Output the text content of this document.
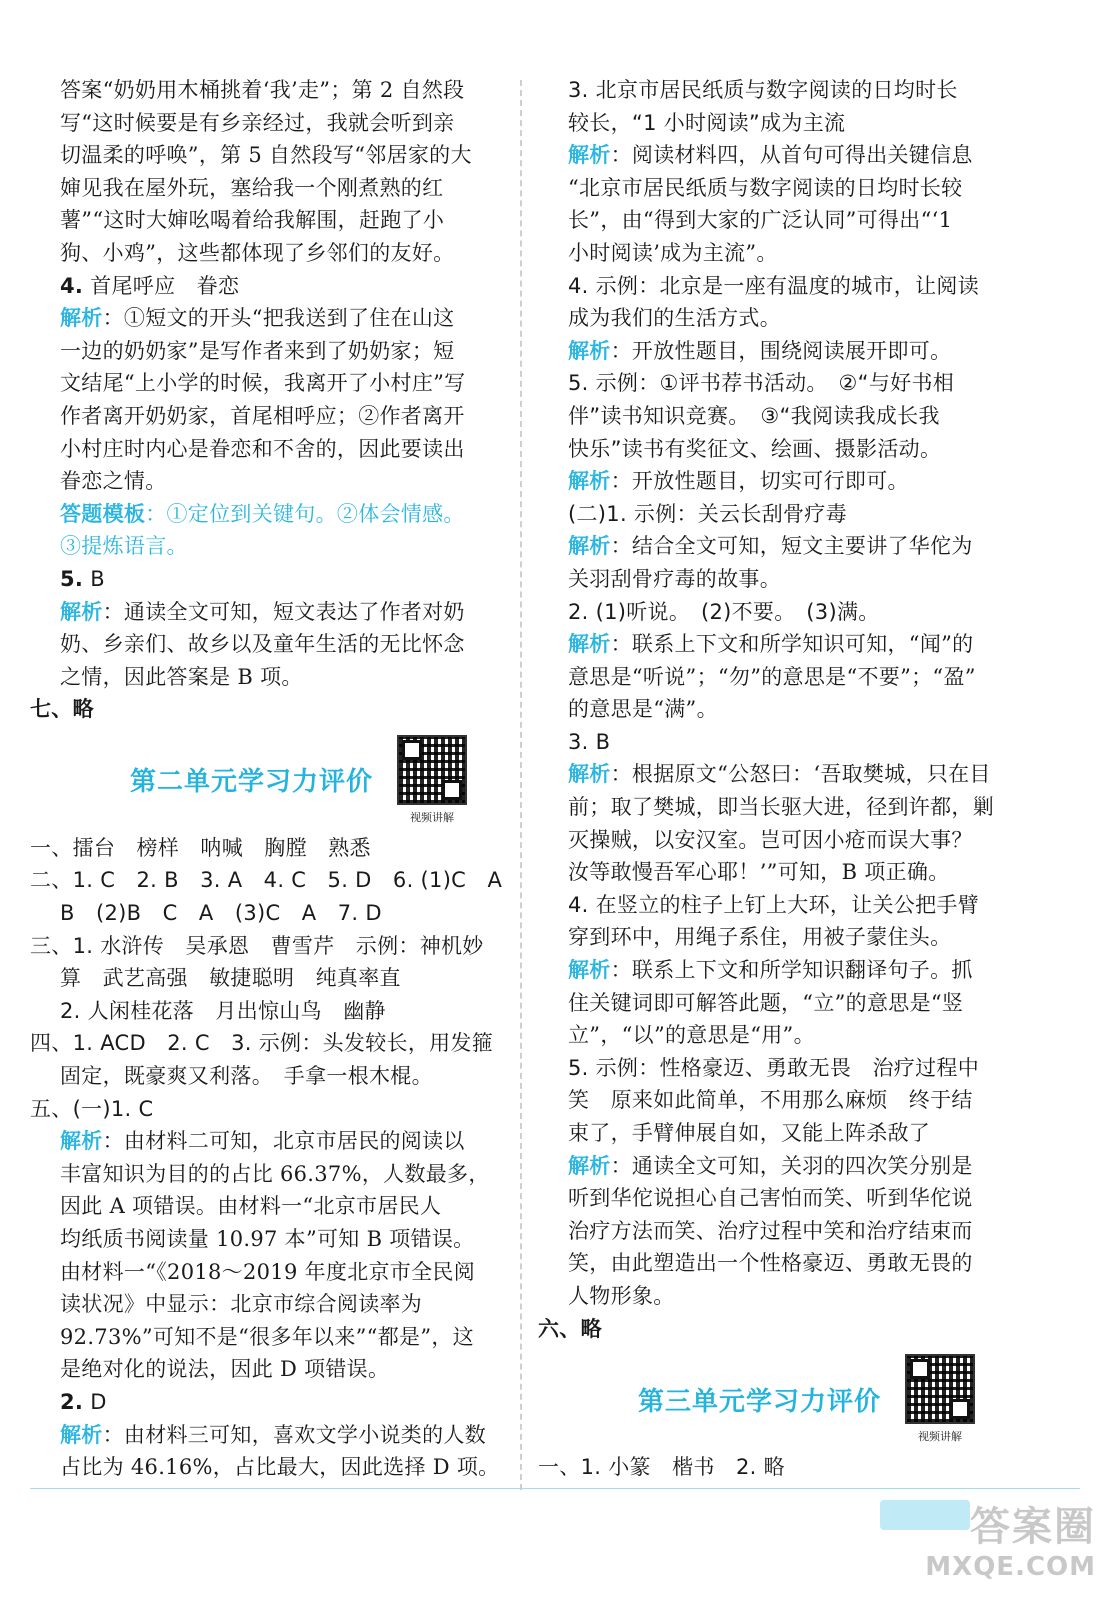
答案“奶奶用木桶挑着‘我’走”；第 2 自然段
写“这时候要是有乡亲经过，我就会听到亲
切温柔的呼唤”，第 5 自然段写“邻居家的大
婶见我在屋外玩，塞给我一个刚煮熟的红
薯”“这时大婶吆喝着给我解围，赶跑了小
狗、小鸡”，这些都体现了乡邻们的友好。
4. 首尾呼应　眷恋
解析：①短文的开头“把我送到了住在山这
一边的奶奶家”是写作者来到了奶奶家；短
文结尾“上小学的时候，我离开了小村庄”写
作者离开奶奶家，首尾相呼应；②作者离开
小村庄时内心是眷恋和不舍的，因此要读出
眷恋之情。
答题模板：①定位到关键句。②体会情感。
③提炼语言。
5. B
解析：通读全文可知，短文表达了作者对奶
奶、乡亲们、故乡以及童年生活的无比怀念
之情，因此答案是 B 项。
七、略
第二单元学习力评价
视频讲解
一、擂台　榜样　呐喊　胸膛　熟悉
二、1. C　2. B　3. A　4. C　5. D　6. (1)C　A
B　(2)B　C　A　(3)C　A　7. D
三、1. 水浒传　吴承恩　曹雪芹　示例：神机妙
算　武艺高强　敏捷聪明　纯真率直
2. 人闲桂花落　月出惊山鸟　幽静
四、1. ACD　2. C　3. 示例：头发较长，用发箍
固定，既豪爽又利落。　手拿一根木棍。
五、(一)1. C
解析：由材料二可知，北京市居民的阅读以
丰富知识为目的的占比 66.37%，人数最多，
因此 A 项错误。由材料一“北京市居民人
均纸质书阅读量 10.97 本”可知 B 项错误。
由材料一“《2018～2019 年度北京市全民阅
读状况》中显示：北京市综合阅读率为
92.73%”可知不是“很多年以来”“都是”，这
是绝对化的说法，因此 D 项错误。
2. D
解析：由材料三可知，喜欢文学小说类的人数
占比为 46.16%，占比最大，因此选择 D 项。
3. 北京市居民纸质与数字阅读的日均时长
较长，“1 小时阅读”成为主流
解析：阅读材料四，从首句可得出关键信息
“北京市居民纸质与数字阅读的日均时长较
长”，由“得到大家的广泛认同”可得出“‘1
小时阅读’成为主流”。
4. 示例：北京是一座有温度的城市，让阅读
成为我们的生活方式。
解析：开放性题目，围绕阅读展开即可。
5. 示例：①评书荐书活动。　②“与好书相
伴”读书知识竞赛。　③“我阅读我成长我
快乐”读书有奖征文、绘画、摄影活动。
解析：开放性题目，切实可行即可。
(二)1. 示例：关云长刮骨疗毒
解析：结合全文可知，短文主要讲了华佗为
关羽刮骨疗毒的故事。
2. (1)听说。　(2)不要。　(3)满。
解析：联系上下文和所学知识可知，“闻”的
意思是“听说”；“勿”的意思是“不要”；“盈”
的意思是“满”。
3. B
解析：根据原文“公怒曰：‘吾取樊城，只在目
前；取了樊城，即当长驱大进，径到许都，剿
灭操贼，以安汉室。岂可因小疮而误大事？
汝等敢慢吾军心耶！’”可知，B 项正确。
4. 在竖立的柱子上钉上大环，让关公把手臂
穿到环中，用绳子系住，用被子蒙住头。
解析：联系上下文和所学知识翻译句子。抓
住关键词即可解答此题，“立”的意思是“竖
立”，“以”的意思是“用”。
5. 示例：性格豪迈、勇敢无畏　治疗过程中
笑　原来如此简单，不用那么麻烦　终于结
束了，手臂伸展自如，又能上阵杀敌了
解析：通读全文可知，关羽的四次笑分别是
听到华佗说担心自己害怕而笑、听到华佗说
治疗方法而笑、治疗过程中笑和治疗结束而
笑，由此塑造出一个性格豪迈、勇敢无畏的
人物形象。
六、略
第三单元学习力评价
视频讲解
一、1. 小篆　楷书　2. 略
答案圈
MXQE.COM
